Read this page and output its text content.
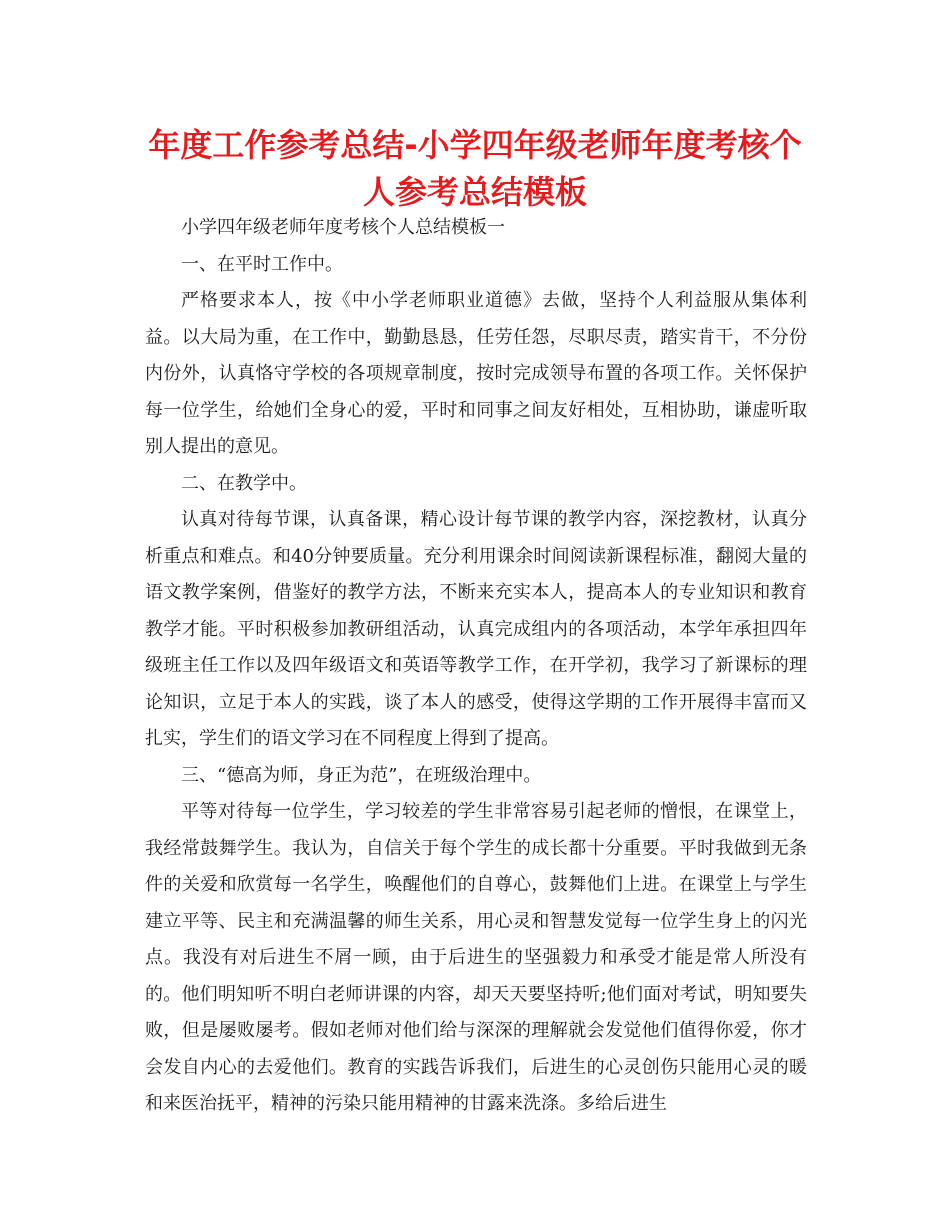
年度工作参考总结-小学四年级老师年度考核个人参考总结模板

小学四年级老师年度考核个人总结模板一

一、在平时工作中。

严格要求本人，按《中小学老师职业道德》去做，坚持个人利益服从集体利益。以大局为重，在工作中，勤勤恳恳，任劳任怨，尽职尽责，踏实肯干，不分份内份外，认真恪守学校的各项规章制度，按时完成领导布置的各项工作。关怀保护每一位学生，给她们全身心的爱，平时和同事之间友好相处，互相协助，谦虚听取别人提出的意见。

二、在教学中。

认真对待每节课，认真备课，精心设计每节课的教学内容，深挖教材，认真分析重点和难点。和40分钟要质量。充分利用课余时间阅读新课程标准，翻阅大量的语文教学案例，借鉴好的教学方法，不断来充实本人，提高本人的专业知识和教育教学才能。平时积极参加教研组活动，认真完成组内的各项活动，本学年承担四年级班主任工作以及四年级语文和英语等教学工作，在开学初，我学习了新课标的理论知识，立足于本人的实践，谈了本人的感受，使得这学期的工作开展得丰富而又扎实，学生们的语文学习在不同程度上得到了提高。

三、“德高为师，身正为范”，在班级治理中。

平等对待每一位学生，学习较差的学生非常容易引起老师的憎恨，在课堂上，我经常鼓舞学生。我认为，自信关于每个学生的成长都十分重要。平时我做到无条件的关爱和欣赏每一名学生，唤醒他们的自尊心，鼓舞他们上进。在课堂上与学生建立平等、民主和充满温馨的师生关系，用心灵和智慧发觉每一位学生身上的闪光点。我没有对后进生不屑一顾，由于后进生的坚强毅力和承受才能是常人所没有的。他们明知听不明白老师讲课的内容，却天天要坚持听;他们面对考试，明知要失败，但是屡败屡考。假如老师对他们给与深深的理解就会发觉他们值得你爱，你才会发自内心的去爱他们。教育的实践告诉我们，后进生的心灵创伤只能用心灵的暖和来医治抚平，精神的污染只能用精神的甘露来洗涤。多给后进生
